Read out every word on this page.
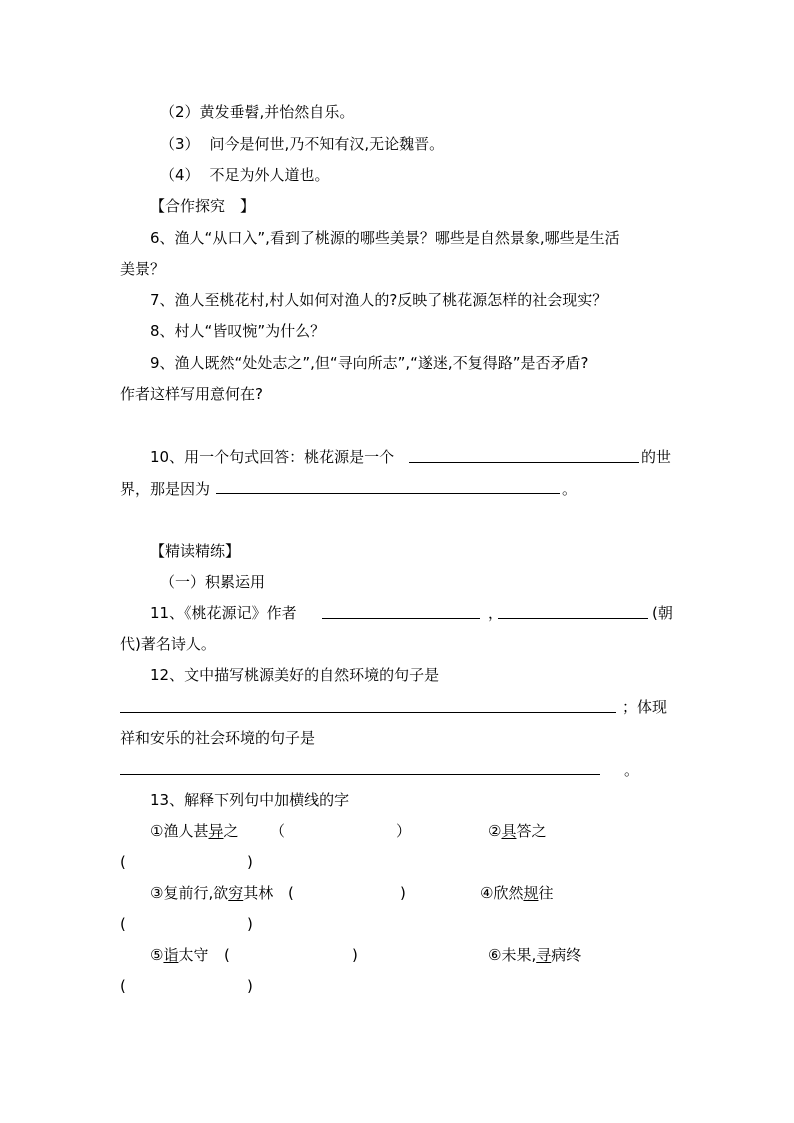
（2）黄发垂髫,并怡然自乐。
（3） 问今是何世,乃不知有汉,无论魏晋。
（4） 不足为外人道也。
【合作探究　】
6、渔人“从口入”,看到了桃源的哪些美景？哪些是自然景象,哪些是生活
美景？
7、渔人至桃花村,村人如何对渔人的?反映了桃花源怎样的社会现实？
8、村人“皆叹惋”为什么？
9、渔人既然“处处志之”,但“寻向所志”,“遂迷,不复得路”是否矛盾?
作者这样写用意何在?
10、用一个句式回答：桃花源是一个	的世
界，那是因为	。
【精读精练】
（一）积累运用
11、《桃花源记》作者	，	(朝
代)著名诗人。
12、文中描写桃源美好的自然环境的句子是
；体现
祥和安乐的社会环境的句子是
。
13、解释下列句中加横线的字
①渔人甚异之 （	）	②具答之
(	)
③复前行,欲穷其林 (	)	④欣然规往
(	)
⑤诣太守 (	)	⑥未果,寻病终
(	)
